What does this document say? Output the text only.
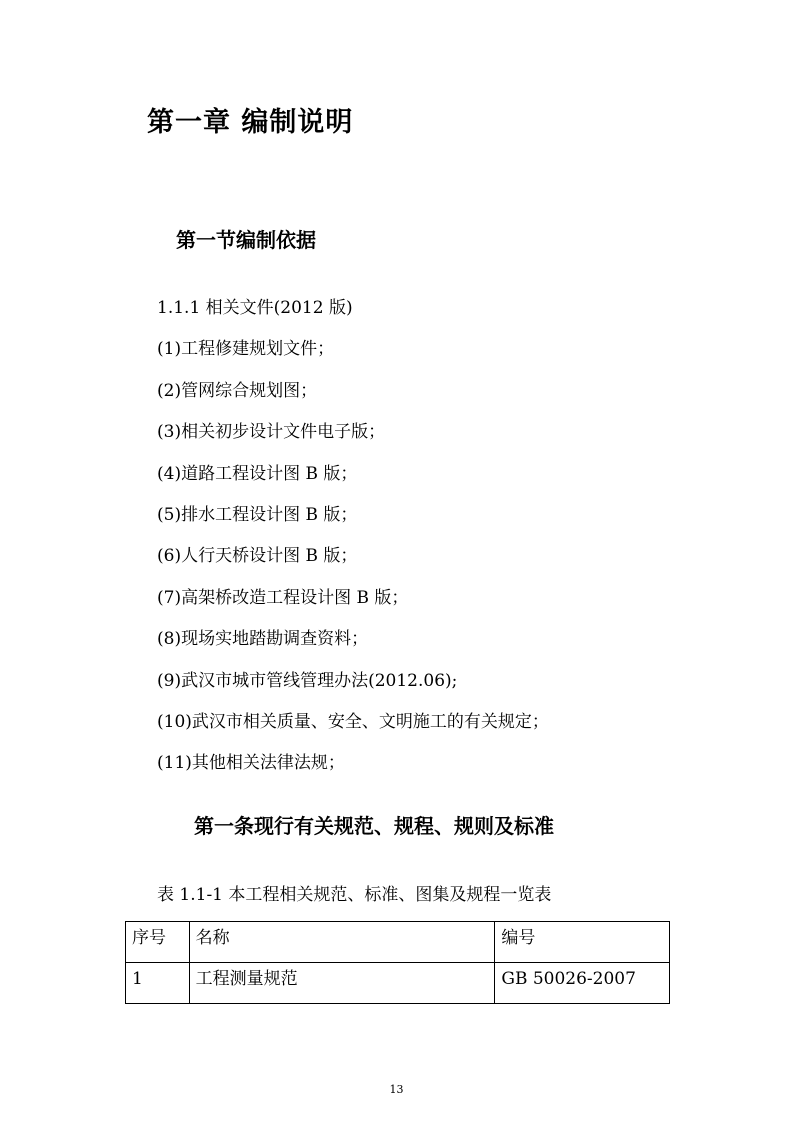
第一章 编制说明
第一节编制依据
1.1.1 相关文件(2012 版)
(1)工程修建规划文件；
(2)管网综合规划图；
(3)相关初步设计文件电子版；
(4)道路工程设计图 B 版；
(5)排水工程设计图 B 版；
(6)人行天桥设计图 B 版；
(7)高架桥改造工程设计图 B 版；
(8)现场实地踏勘调查资料；
(9)武汉市城市管线管理办法(2012.06);
(10)武汉市相关质量、安全、文明施工的有关规定；
(11)其他相关法律法规；
第一条现行有关规范、规程、规则及标准
表 1.1-1 本工程相关规范、标准、图集及规程一览表
序号	名称	编号
1	工程测量规范	GB 50026-2007
13
